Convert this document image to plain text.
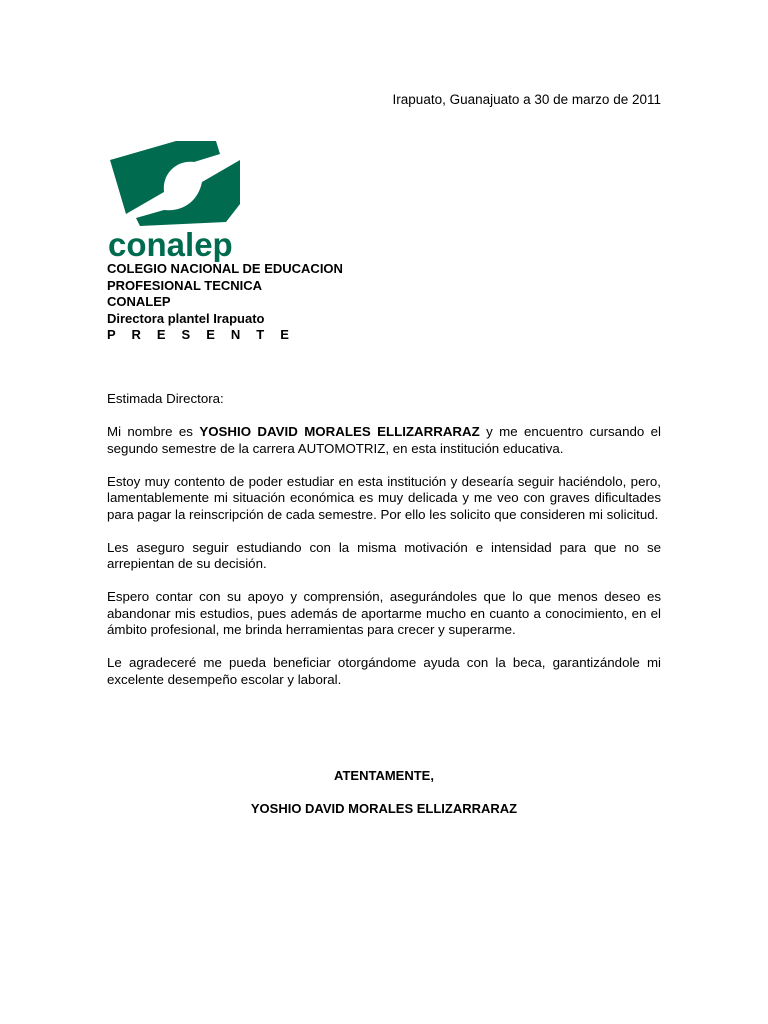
Irapuato, Guanajuato a 30 de marzo de 2011
conalep
COLEGIO NACIONAL DE EDUCACION
PROFESIONAL TECNICA
CONALEP
Directora plantel Irapuato
P R E S E N T E
Estimada Directora:

Mi nombre es YOSHIO DAVID MORALES ELLIZARRARAZ y me encuentro cursando el segundo semestre de la carrera AUTOMOTRIZ, en esta institución educativa.

Estoy muy contento de poder estudiar en esta institución y desearía seguir haciéndolo, pero, lamentablemente mi situación económica es muy delicada y me veo con graves dificultades para pagar la reinscripción de cada semestre. Por ello les solicito que consideren mi solicitud.

Les aseguro seguir estudiando con la misma motivación e intensidad para que no se arrepientan de su decisión.

Espero contar con su apoyo y comprensión, asegurándoles que lo que menos deseo es abandonar mis estudios, pues además de aportarme mucho en cuanto a conocimiento, en el ámbito profesional, me brinda herramientas para crecer y superarme.

Le agradeceré me pueda beneficiar otorgándome ayuda con la beca, garantizándole mi excelente desempeño escolar y laboral.

ATENTAMENTE,
YOSHIO DAVID MORALES ELLIZARRARAZ
